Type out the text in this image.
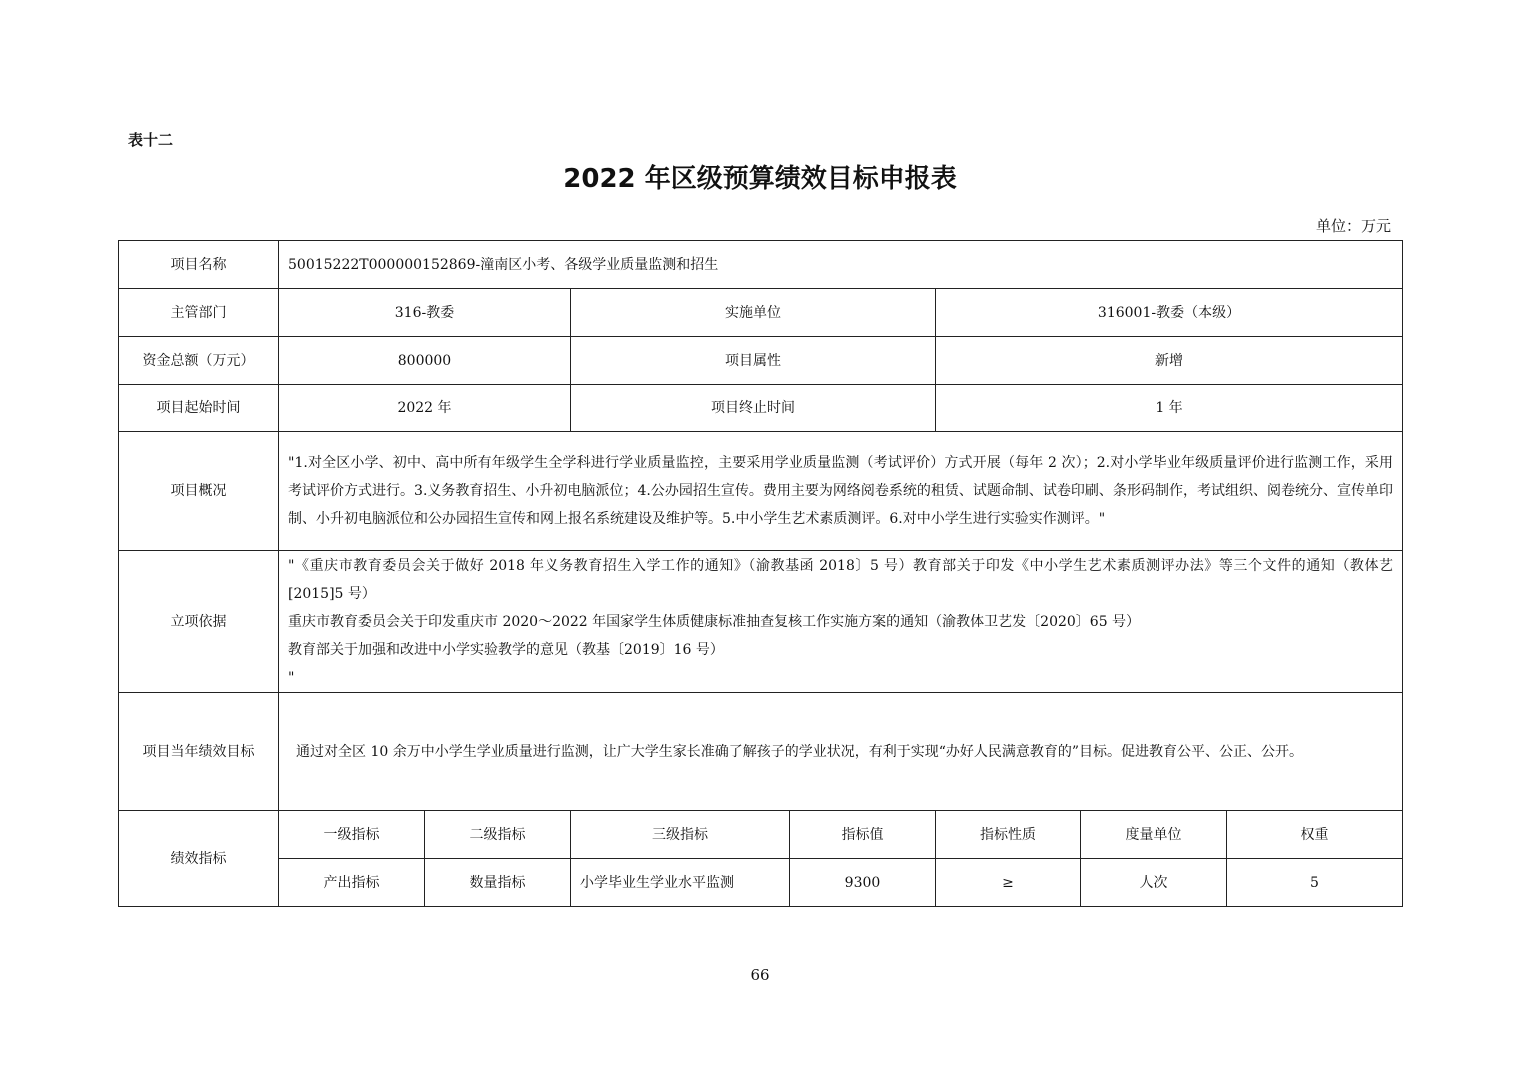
表十二
2022 年区级预算绩效目标申报表
单位：万元
项目名称	50015222T000000152869-潼南区小考、各级学业质量监测和招生						
主管部门	316-教委		实施单位		316001-教委（本级）		
资金总额（万元）	800000		项目属性		新增		
项目起始时间	2022 年		项目终止时间		1 年		
项目概况	"1.对全区小学、初中、高中所有年级学生全学科进行学业质量监控，主要采用学业质量监测（考试评价）方式开展（每年 2 次）；2.对小学毕业年级质量评价进行监测工作，采用考试评价方式进行。3.义务教育招生、小升初电脑派位；4.公办园招生宣传。费用主要为网络阅卷系统的租赁、试题命制、试卷印刷、条形码制作，考试组织、阅卷统分、宣传单印制、小升初电脑派位和公办园招生宣传和网上报名系统建设及维护等。5.中小学生艺术素质测评。6.对中小学生进行实验实作测评。"						
立项依据	"《重庆市教育委员会关于做好 2018 年义务教育招生入学工作的通知》（渝教基函 2018〕5 号）教育部关于印发《中小学生艺术素质测评办法》等三个文件的通知（教体艺[2015]5 号）
重庆市教育委员会关于印发重庆市 2020～2022 年国家学生体质健康标准抽查复核工作实施方案的通知（渝教体卫艺发〔2020〕65 号）
教育部关于加强和改进中小学实验教学的意见（教基〔2019〕16 号）
"						

项目当年绩效目标	通过对全区 10 余万中小学生学业质量进行监测，让广大学生家长准确了解孩子的学业状况，有利于实现“办好人民满意教育的”目标。促进教育公平、公正、公开。						
绩效指标	一级指标	二级指标	三级指标	指标值	指标性质	度量单位	权重
	产出指标	数量指标	小学毕业生学业水平监测	9300	≥	人次	5
66
